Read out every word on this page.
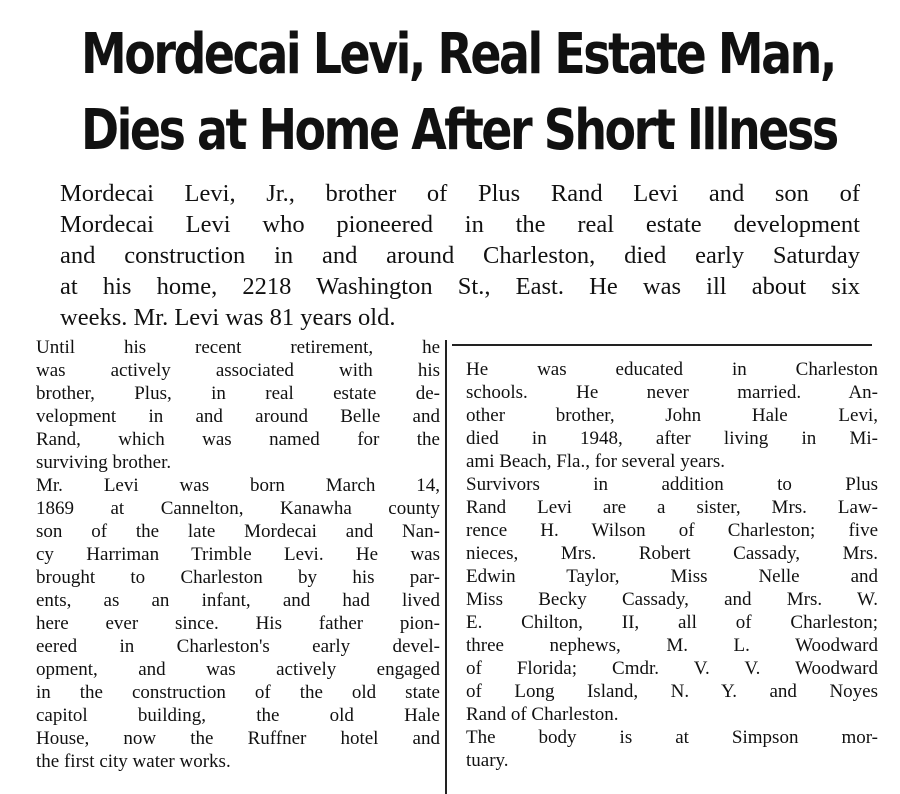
Mordecai Levi, Real Estate Man,
Dies at Home After Short Illness
Mordecai Levi, Jr., brother of Plus Rand Levi and son of
Mordecai Levi who pioneered in the real estate development
and construction in and around Charleston, died early Saturday
at his home, 2218 Washington St., East. He was ill about six
weeks. Mr. Levi was 81 years old.

Until his recent retirement, he
was actively associated with his
brother, Plus, in real estate de-
velopment in and around Belle and
Rand, which was named for the
surviving brother.

Mr. Levi was born March 14,
1869 at Cannelton, Kanawha county
son of the late Mordecai and Nan-
cy Harriman Trimble Levi. He was
brought to Charleston by his par-
ents, as an infant, and had lived
here ever since. His father pion-
eered in Charleston's early devel-
opment, and was actively engaged
in the construction of the old state
capitol building, the old Hale
House, now the Ruffner hotel and
the first city water works.

He was educated in Charleston
schools. He never married. An-
other brother, John Hale Levi,
died in 1948, after living in Mi-
ami Beach, Fla., for several years.

Survivors in addition to Plus
Rand Levi are a sister, Mrs. Law-
rence H. Wilson of Charleston; five
nieces, Mrs. Robert Cassady, Mrs.
Edwin Taylor, Miss Nelle and
Miss Becky Cassady, and Mrs. W.
E. Chilton, II, all of Charleston;
three nephews, M. L. Woodward
of Florida; Cmdr. V. V. Woodward
of Long Island, N. Y. and Noyes
Rand of Charleston.

The body is at Simpson mor-
tuary.
